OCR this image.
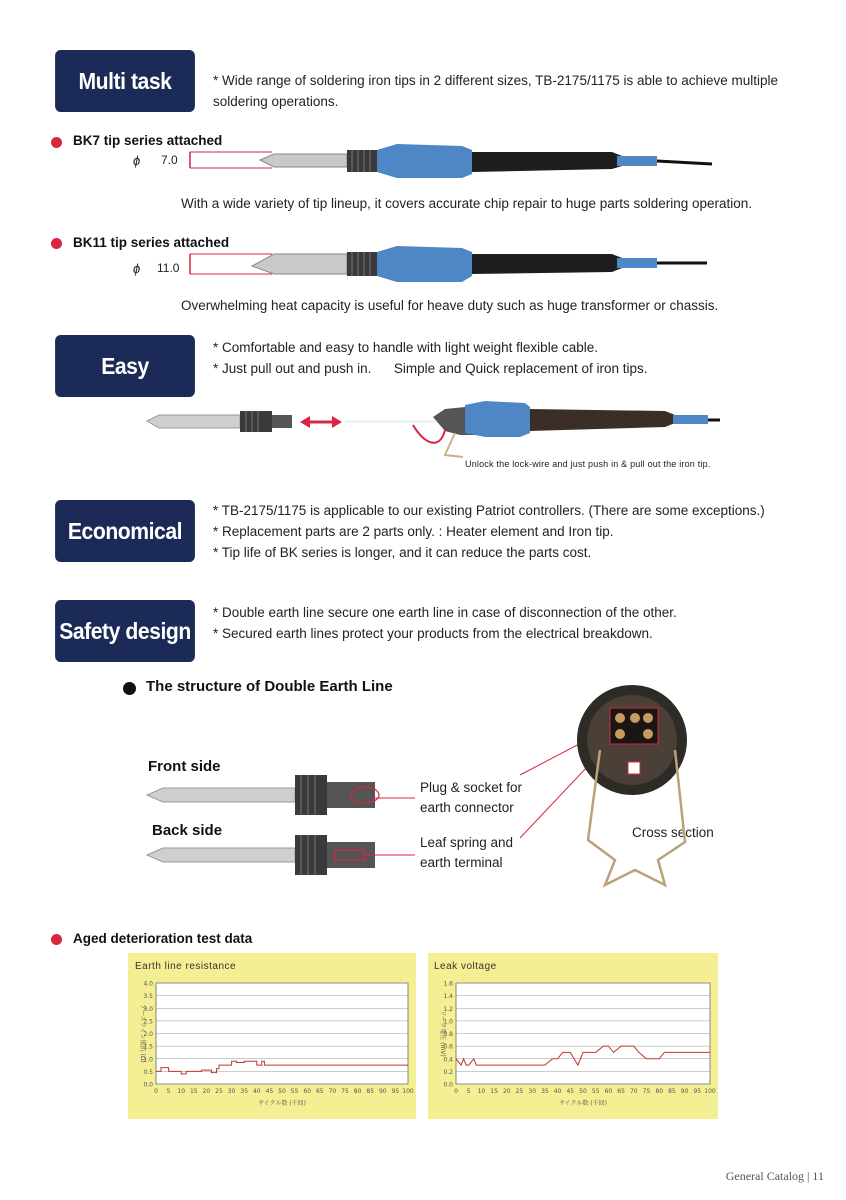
Multi task	* Wide range of soldering iron tips in 2 different sizes, TB-2175/1175 is able to achieve multiple
soldering operations.
BK7 tip series attached
ϕ 7.0
With a wide variety of tip lineup, it covers accurate chip repair to huge parts soldering operation.
BK11 tip series attached
ϕ 11.0
Overwhelming heat capacity is useful for heave duty such as huge transformer or chassis.
Easy
* Comfortable and easy to handle with light weight flexible cable.
* Just pull out and push in.      Simple and Quick replacement of iron tips.
Unlock the lock-wire and just push in & pull out the iron tip.
Economical
* TB-2175/1175 is applicable to our existing Patriot controllers. (There are some exceptions.)
* Replacement parts are 2 parts only. : Heater element and Iron tip.
* Tip life of BK series is longer, and it can reduce the parts cost.
Safety design
* Double earth line secure one earth line in case of disconnection of the other.
* Secured earth lines protect your products from the electrical breakdown.
The structure of Double Earth Line
Front side
Back side
Plug & socket for
earth connector
Leaf spring and
earth terminal
Cross section
Aged deterioration test data
Earth line resistance
0.0
0.5
1.0
1.5
2.0
2.5
3.0
3.5
4.0
0 5 10 15 20 25 30 35 40 45 50 55 60 65 70 75 80 85 90 95 100
サイクル数 (千回)
アースライン抵抗 (Ω)
Leak voltage
0.0
0.2
0.4
0.6
0.8
1.0
1.2
1.4
1.6
0 5 10 15 20 25 30 35 40 45 50 55 60 65 70 75 80 85 90 95 100
サイクル数 (千回)
リーク電圧 (mV)
General Catalog | 11
